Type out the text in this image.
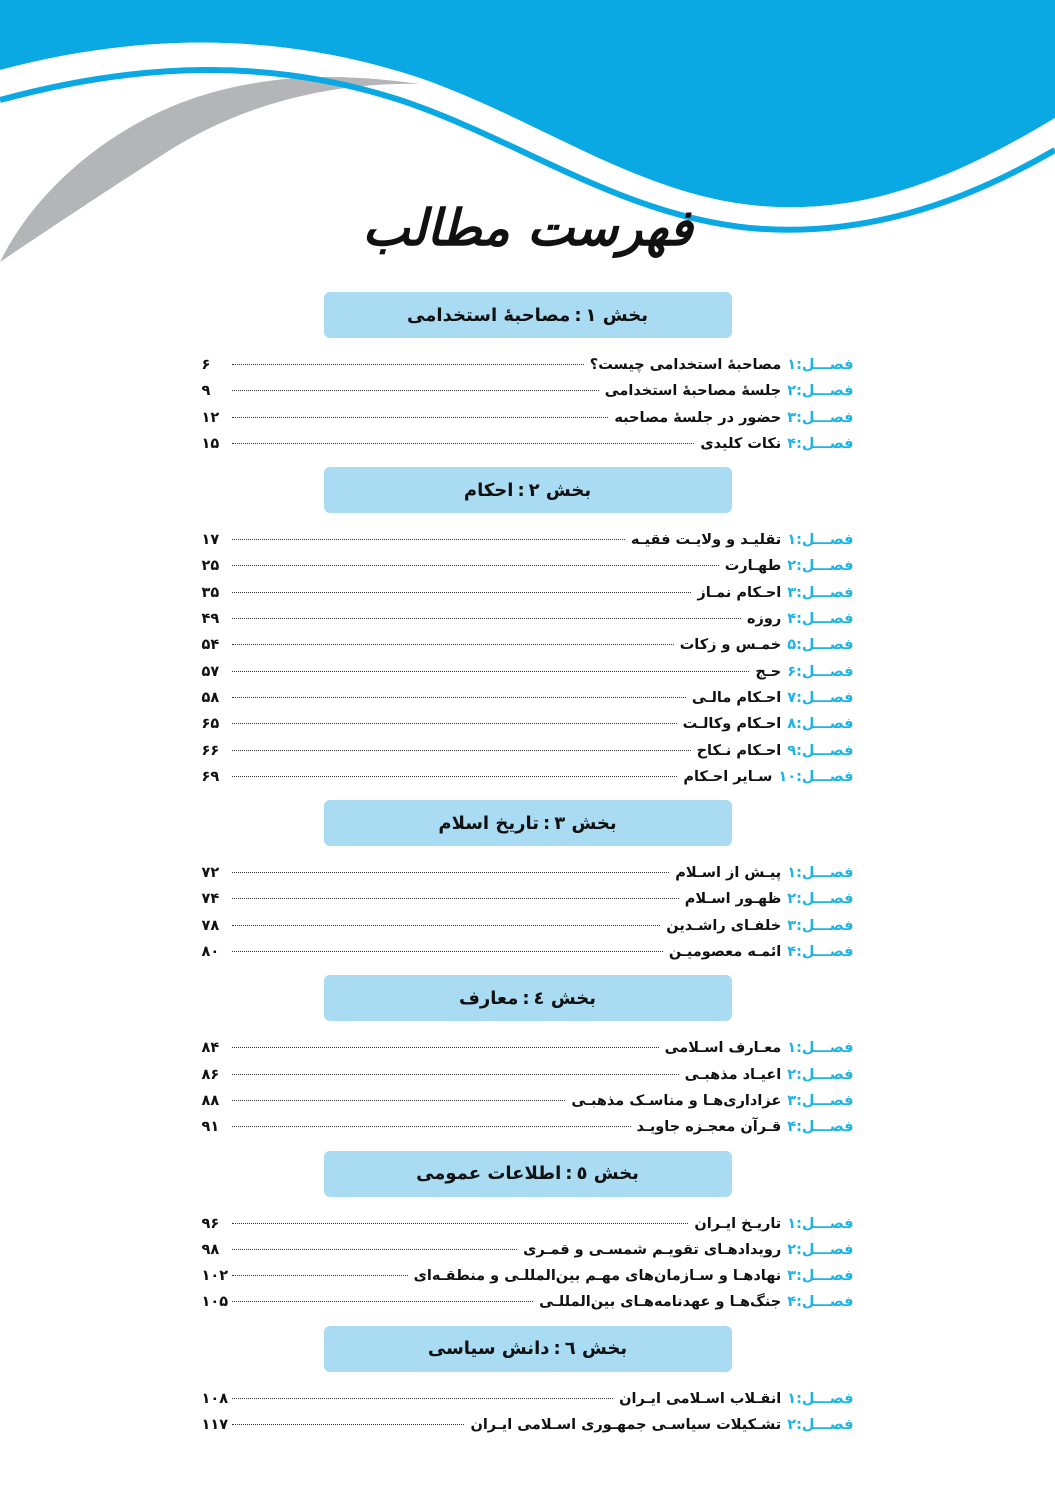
فهرست مطالب
بخش ۱
:
مصاحبهٔ استخدامی
فصـــل
۱:
مصاحبهٔ استخدامی چیست؟
۶
فصـــل
۲:
جلسهٔ مصاحبهٔ استخدامی
۹
فصـــل
۳:
حضور در جلسهٔ مصاحبه
۱۲
فصـــل
۴:
نکات کلیدی
۱۵
بخش ۲
:
احکام
فصـــل
۱:
تقلیـد و ولایـت فقیـه
۱۷
فصـــل
۲:
طهـارت
۲۵
فصـــل
۳:
احـکام نمـاز
۳۵
فصـــل
۴:
روزه
۴۹
فصـــل
۵:
خمـس و زکات
۵۴
فصـــل
۶:
حـج
۵۷
فصـــل
۷:
احـکام مالـی
۵۸
فصـــل
۸:
احـکام وکالـت
۶۵
فصـــل
۹:
احـکام نـکاح
۶۶
فصـــل
۱۰:
سـایر احـکام
۶۹
بخش ۳
:
تاریخ اسلام
فصـــل
۱:
پیـش از اسـلام
۷۲
فصـــل
۲:
ظهـور اسـلام
۷۴
فصـــل
۳:
خلفـای راشـدین
۷۸
فصـــل
۴:
ائمـه معصومیـن
۸۰
بخش ٤
:
معارف
فصـــل
۱:
معـارف اسـلامی
۸۴
فصـــل
۲:
اعیـاد مذهبـی
۸۶
فصـــل
۳:
عزاداری‌هـا و مناسـک مذهبـی
۸۸
فصـــل
۴:
قـرآن معجـزه جاویـد
۹۱
بخش ٥
:
اطلاعات عمومی
فصـــل
۱:
تاریـخ ایـران
۹۶
فصـــل
۲:
رویدادهـای تقویـم شمسـی و قمـری
۹۸
فصـــل
۳:
نهادهـا و سـازمان‌های مهـم بین‌المللـی و منطقـه‌ای
۱۰۲
فصـــل
۴:
جنگ‌هـا و عهدنامه‌هـای بین‌المللـی
۱۰۵
بخش ٦
:
دانش سیاسی
فصـــل
۱:
انقـلاب اسـلامی ایـران
۱۰۸
فصـــل
۲:
تشـکیلات سیاسـی جمهـوری اسـلامی ایـران
۱۱۷
